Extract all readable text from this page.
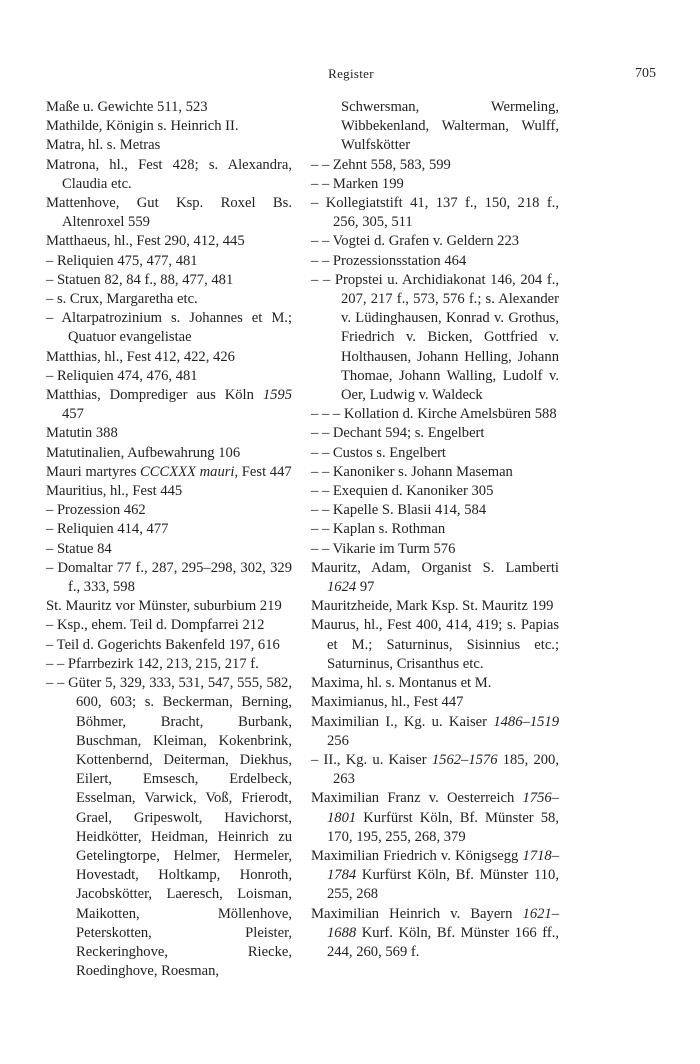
Register	705
Maße u. Gewichte 511, 523
Mathilde, Königin s. Heinrich II.
Matra, hl. s. Metras
Matrona, hl., Fest 428; s. Alexandra, Claudia etc.
Mattenhove, Gut Ksp. Roxel Bs. Altenroxel 559
Matthaeus, hl., Fest 290, 412, 445
– Reliquien 475, 477, 481
– Statuen 82, 84 f., 88, 477, 481
– s. Crux, Margaretha etc.
– Altarpatrozinium s. Johannes et M.; Quatuor evangelistae
Matthias, hl., Fest 412, 422, 426
– Reliquien 474, 476, 481
Matthias, Domprediger aus Köln 1595 457
Matutin 388
Matutinalien, Aufbewahrung 106
Mauri martyres CCCXXX mauri, Fest 447
Mauritius, hl., Fest 445
– Prozession 462
– Reliquien 414, 477
– Statue 84
– Domaltar 77 f., 287, 295–298, 302, 329 f., 333, 598
St. Mauritz vor Münster, suburbium 219
– Ksp., ehem. Teil d. Dompfarrei 212
– Teil d. Gogerichts Bakenfeld 197, 616
– – Pfarrbezirk 142, 213, 215, 217 f.
– – Güter 5, 329, 333, 531, 547, 555, 582, 600, 603; s. Beckerman, Berning, Böhmer, Bracht, Burbank, Buschman, Kleiman, Kokenbrink, Kottenbernd, Deiterman, Diekhus, Eilert, Emsesch, Erdelbeck, Esselman, Varwick, Voß, Frierodt, Grael, Gripeswolt, Havichorst, Heidkötter, Heidman, Heinrich zu Getelingtorpe, Helmer, Hermeler, Hovestadt, Holtkamp, Honroth, Jacobskötter, Laeresch, Loisman, Maikotten, Möllenhove, Peterskotten, Pleister, Reckeringhove, Riecke, Roedinghove, Roesman,
Schwersman, Wermeling, Wibbekenland, Walterman, Wulff, Wulfskötter
– – Zehnt 558, 583, 599
– – Marken 199
– Kollegiatstift 41, 137 f., 150, 218 f., 256, 305, 511
– – Vogtei d. Grafen v. Geldern 223
– – Prozessionsstation 464
– – Propstei u. Archidiakonat 146, 204 f., 207, 217 f., 573, 576 f.; s. Alexander v. Lüdinghausen, Konrad v. Grothus, Friedrich v. Bicken, Gottfried v. Holthausen, Johann Helling, Johann Thomae, Johann Walling, Ludolf v. Oer, Ludwig v. Waldeck
– – – Kollation d. Kirche Amelsbüren 588
– – Dechant 594; s. Engelbert
– – Custos s. Engelbert
– – Kanoniker s. Johann Maseman
– – Exequien d. Kanoniker 305
– – Kapelle S. Blasii 414, 584
– – Kaplan s. Rothman
– – Vikarie im Turm 576
Mauritz, Adam, Organist S. Lamberti 1624 97
Mauritzheide, Mark Ksp. St. Mauritz 199
Maurus, hl., Fest 400, 414, 419; s. Papias et M.; Saturninus, Sisinnius etc.; Saturninus, Crisanthus etc.
Maxima, hl. s. Montanus et M.
Maximianus, hl., Fest 447
Maximilian I., Kg. u. Kaiser 1486–1519 256
– II., Kg. u. Kaiser 1562–1576 185, 200, 263
Maximilian Franz v. Oesterreich 1756–1801 Kurfürst Köln, Bf. Münster 58, 170, 195, 255, 268, 379
Maximilian Friedrich v. Königsegg 1718–1784 Kurfürst Köln, Bf. Münster 110, 255, 268
Maximilian Heinrich v. Bayern 1621–1688 Kurf. Köln, Bf. Münster 166 ff., 244, 260, 569 f.
